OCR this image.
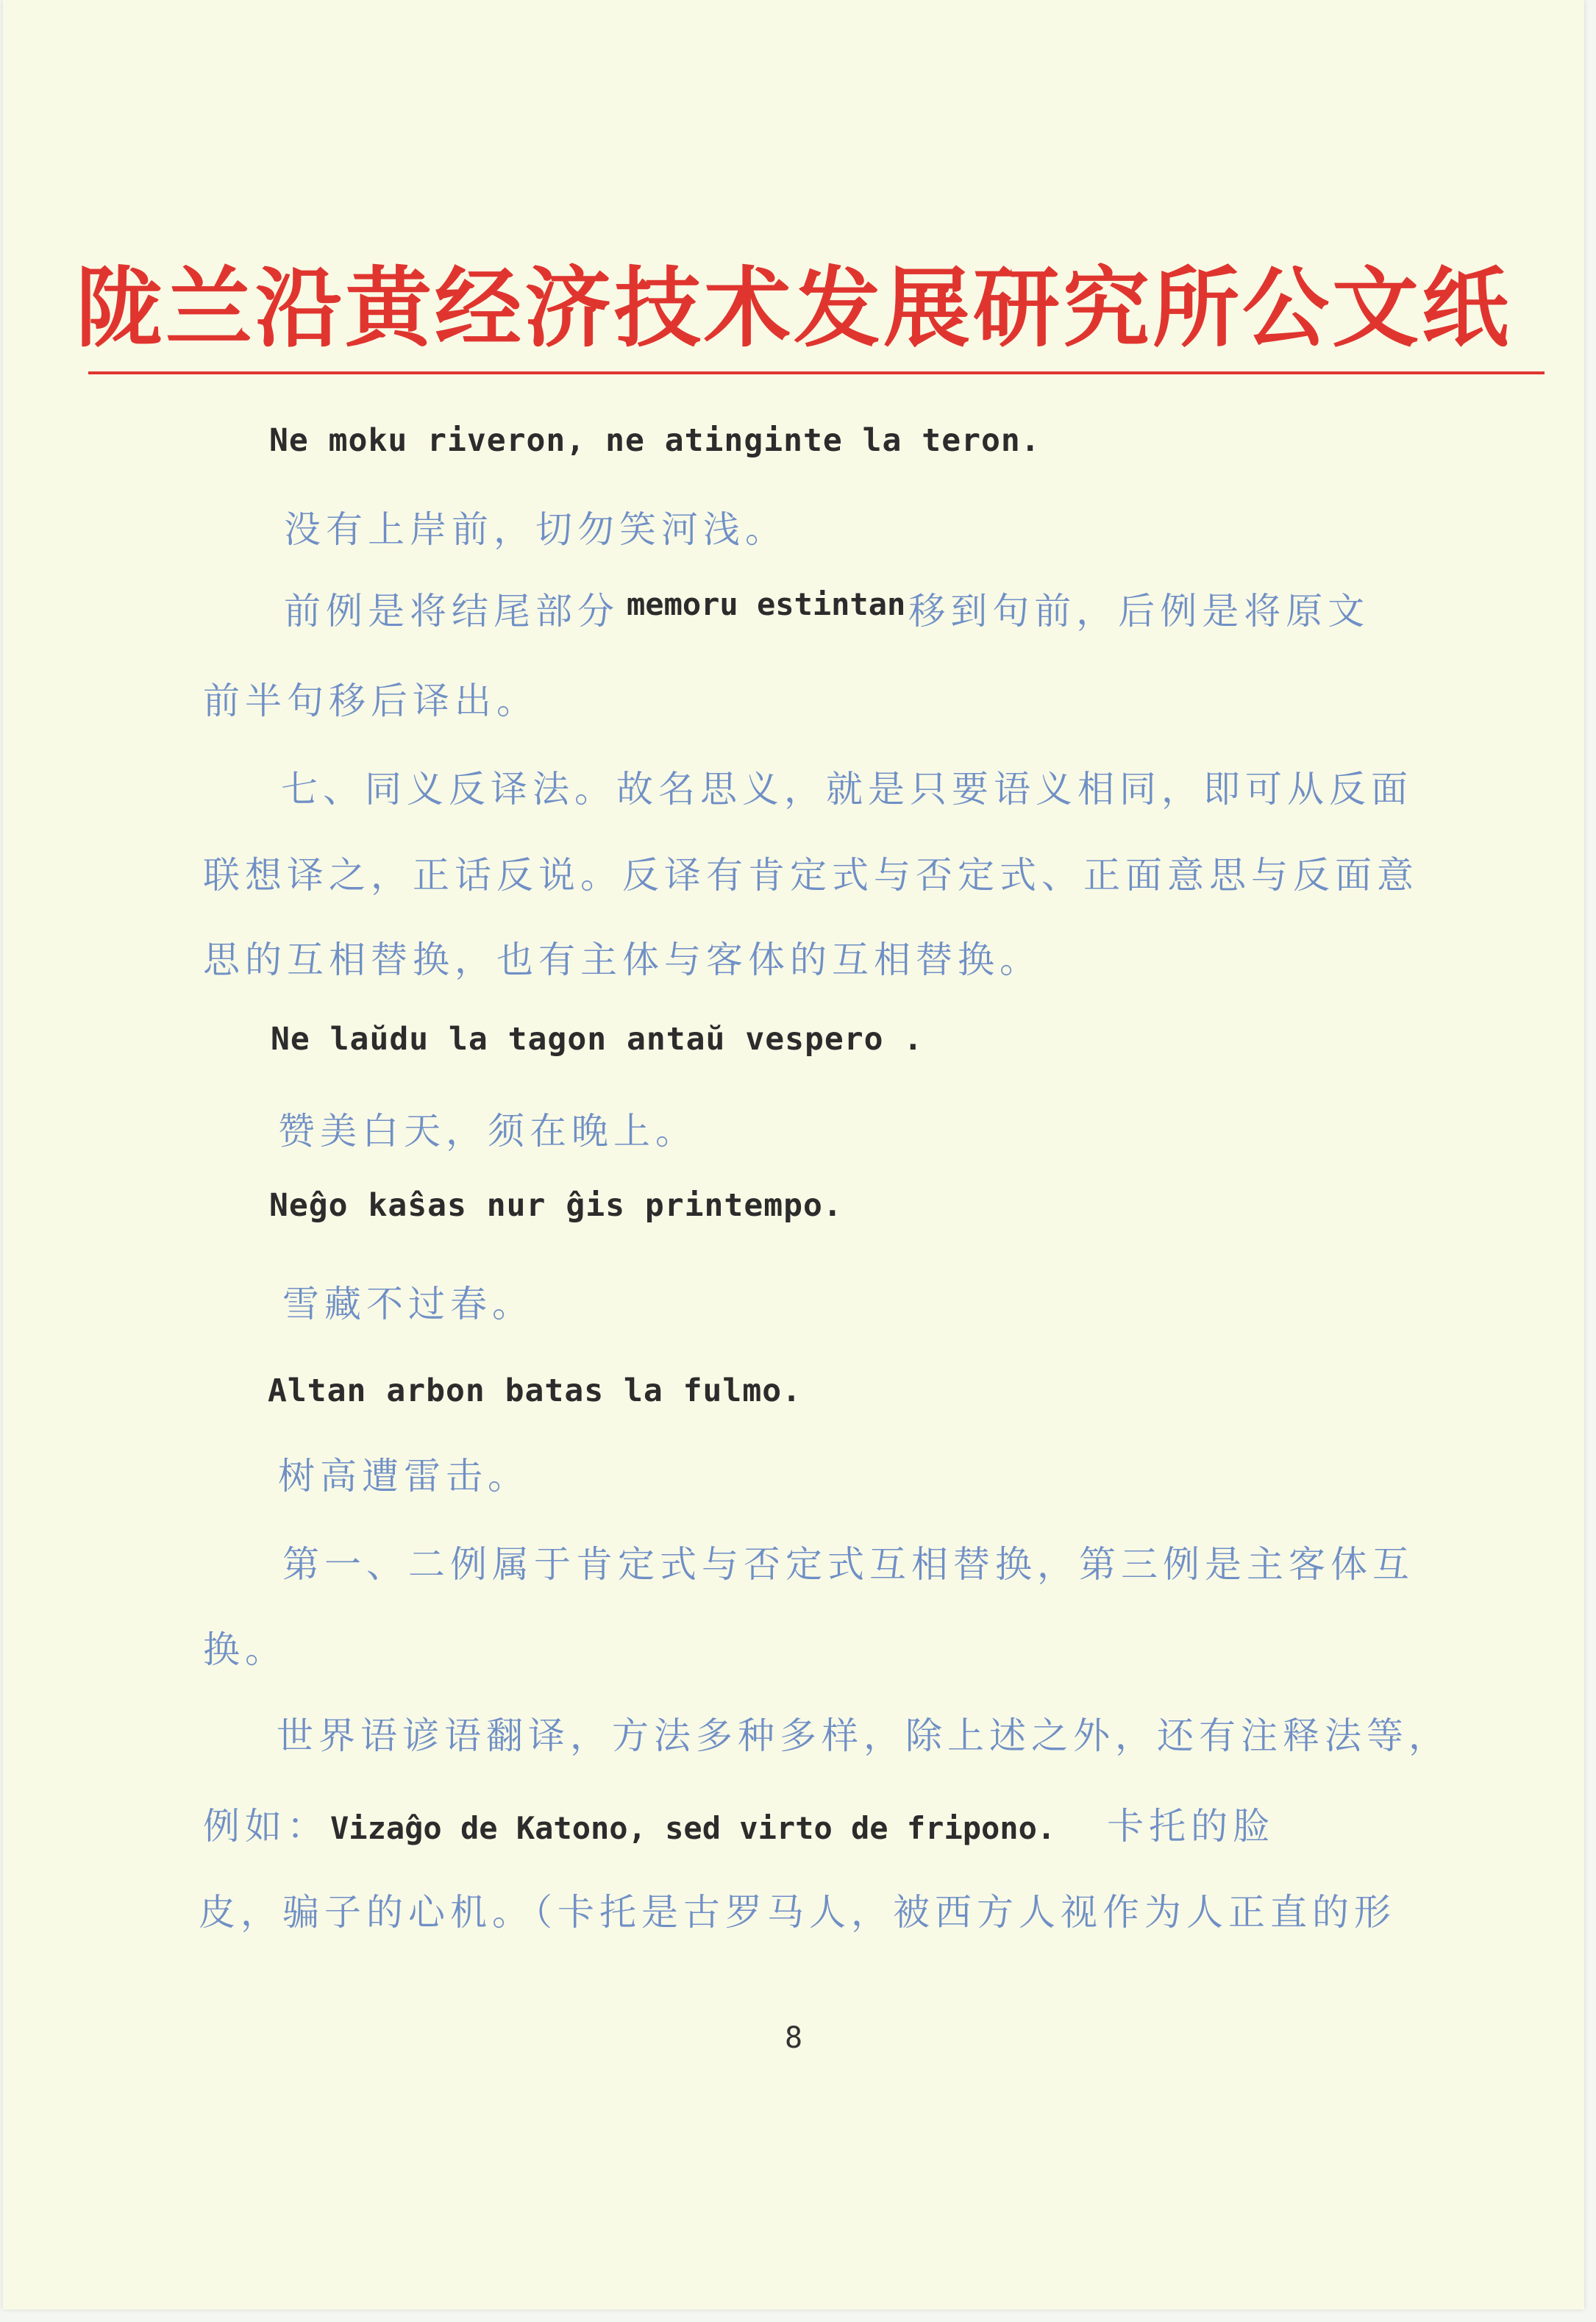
陇兰沿黄经济技术发展研究所公文纸
Ne moku riveron, ne atinginte la teron.
没有上岸前，切勿笑河浅。
前例是将结尾部分 memoru estintan移到句前，后例是将原文
前半句移后译出。
七、同义反译法。故名思义，就是只要语义相同，即可从反面
联想译之，正话反说。反译有肯定式与否定式、正面意思与反面意
思的互相替换，也有主体与客体的互相替换。
Ne laŭdu la tagon antaŭ vespero .
赞美白天，须在晚上。
Neĝo kaŝas nur ĝis printempo.
雪藏不过春。
Altan arbon batas la fulmo.
树高遭雷击。
第一、二例属于肯定式与否定式互相替换，第三例是主客体互
换。
世界语谚语翻译，方法多种多样，除上述之外，还有注释法等，
例如：Vizaĝo de Katono, sed virto de fripono. 卡托的脸
皮，骗子的心机。（卡托是古罗马人，被西方人视作为人正直的形
8
